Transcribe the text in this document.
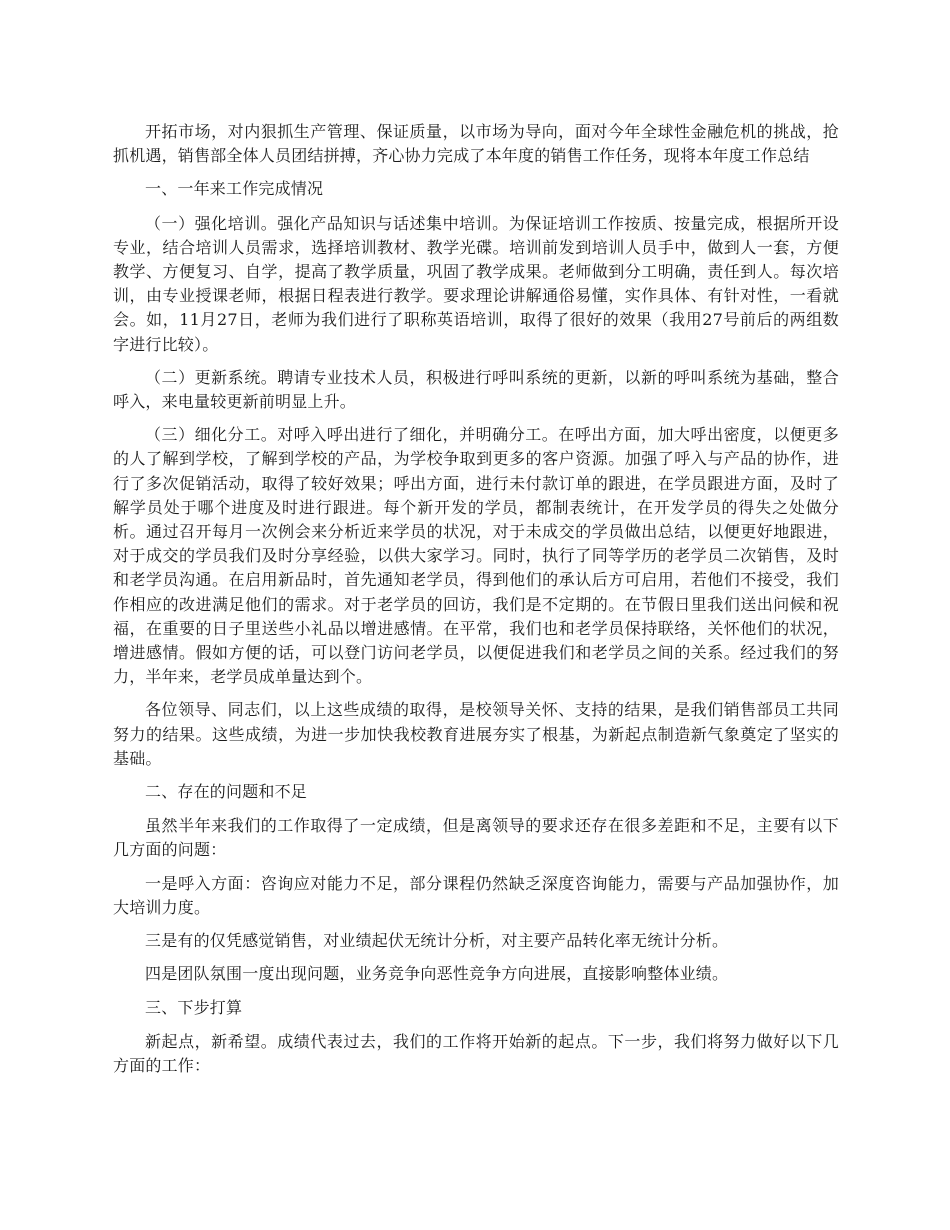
开拓市场，对内狠抓生产管理、保证质量，以市场为导向，面对今年全球性金融危机的挑战，抢抓机遇，销售部全体人员团结拼搏，齐心协力完成了本年度的销售工作任务，现将本年度工作总结

一、一年来工作完成情况

（一）强化培训。强化产品知识与话述集中培训。为保证培训工作按质、按量完成，根据所开设专业，结合培训人员需求，选择培训教材、教学光碟。培训前发到培训人员手中，做到人一套，方便教学、方便复习、自学，提高了教学质量，巩固了教学成果。老师做到分工明确，责任到人。每次培训，由专业授课老师，根据日程表进行教学。要求理论讲解通俗易懂，实作具体、有针对性，一看就会。如，11月27日，老师为我们进行了职称英语培训，取得了很好的效果（我用27号前后的两组数字进行比较）。

（二）更新系统。聘请专业技术人员，积极进行呼叫系统的更新，以新的呼叫系统为基础，整合呼入，来电量较更新前明显上升。

（三）细化分工。对呼入呼出进行了细化，并明确分工。在呼出方面，加大呼出密度，以便更多的人了解到学校，了解到学校的产品，为学校争取到更多的客户资源。加强了呼入与产品的协作，进行了多次促销活动，取得了较好效果；呼出方面，进行未付款订单的跟进，在学员跟进方面，及时了解学员处于哪个进度及时进行跟进。每个新开发的学员，都制表统计，在开发学员的得失之处做分析。通过召开每月一次例会来分析近来学员的状况，对于未成交的学员做出总结，以便更好地跟进，对于成交的学员我们及时分享经验，以供大家学习。同时，执行了同等学历的老学员二次销售，及时和老学员沟通。在启用新品时，首先通知老学员，得到他们的承认后方可启用，若他们不接受，我们作相应的改进满足他们的需求。对于老学员的回访，我们是不定期的。在节假日里我们送出问候和祝福，在重要的日子里送些小礼品以增进感情。在平常，我们也和老学员保持联络，关怀他们的状况，增进感情。假如方便的话，可以登门访问老学员，以便促进我们和老学员之间的关系。经过我们的努力，半年来，老学员成单量达到个。

各位领导、同志们，以上这些成绩的取得，是校领导关怀、支持的结果，是我们销售部员工共同努力的结果。这些成绩，为进一步加快我校教育进展夯实了根基，为新起点制造新气象奠定了坚实的基础。

二、存在的问题和不足

虽然半年来我们的工作取得了一定成绩，但是离领导的要求还存在很多差距和不足，主要有以下几方面的问题：

一是呼入方面：咨询应对能力不足，部分课程仍然缺乏深度咨询能力，需要与产品加强协作，加大培训力度。

三是有的仅凭感觉销售，对业绩起伏无统计分析，对主要产品转化率无统计分析。

四是团队氛围一度出现问题，业务竞争向恶性竞争方向进展，直接影响整体业绩。

三、下步打算

新起点，新希望。成绩代表过去，我们的工作将开始新的起点。下一步，我们将努力做好以下几方面的工作：
